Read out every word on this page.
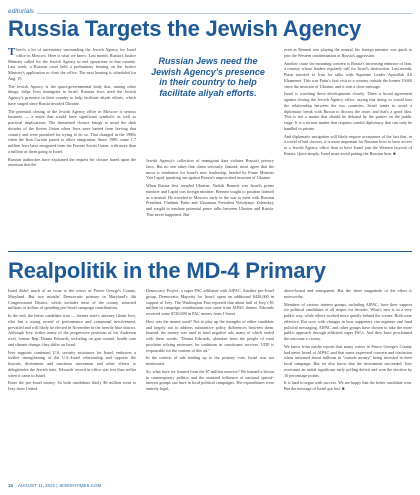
editorials
Russia Targets the Jewish Agency

There's a lot of uncertainty surrounding the Jewish Agency for Israel office in Moscow. Here is what we know: Last month, Russia's Justice Ministry called for the Jewish Agency to end operations in that country. Last week, a Russian court held a preliminary hearing on the Justice Ministry's application to close the office. The next hearing is scheduled for Aug. 19.

The Jewish Agency is the quasi-governmental body that, among other things, helps Jews immigrate to Israel. Russian Jews need the Jewish Agency's presence in their country to help facilitate aliyah efforts, which have surged since Russia invaded Ukraine.

The potential closing of the Jewish Agency office in Moscow is serious business — a move that would have significant symbolic as well as practical implications. The threatened closure brings to mind the dark decades of the Soviet Union when Jews were barred from leaving that country and were punished for trying to do so. That changed in the 1980s when the Iron Curtain parted to allow emigration. Since 1989, some 1.7 million Jews have emigrated from the Former Soviet Union, with more than a million of them going to Israel.

Russian authorities have explained the request for closure based upon the assertion that the

Russian Jews need the Jewish Agency's presence in their country to help facilitate aliyah efforts.

Jewish Agency's collection of immigrant data violates Russia's privacy laws. But no one takes that claim seriously. Instead, most agree that the move is retaliation for Israel's new leadership, headed by Prime Minister Yair Lapid, speaking out against Russia's unprovoked invasion of Ukraine.

When Russia first invaded Ukraine, Naftali Bennett was Israel's prime minister and Lapid was foreign minister. Bennett sought to position himself as a neutral. He traveled to Moscow early in the war to meet with Russian President Vladimir Putin and Ukrainian President Volodymyr Zelenskyy and sought to mediate potential peace talks between Ukraine and Russia. That never happened. But

even as Bennett was playing the neutral, his foreign minister was quick to join the Western condemnation of Russia's aggression.

Another cause for mounting concern is Russia's increasing embrace of Iran, a country whose leaders regularly call for Israel's destruction. Last month, Putin traveled to Iran for talks with Supreme Leader Ayatollah Ali Khamenei. This was Putin's first visit to a country outside the former USSR since the invasion of Ukraine, and it sent a clear message.

Israel is watching these developments closely. There is broad agreement against closing the Jewish Agency office, saying that doing so would hurt the relationship between the two countries. Israel wants to avoid a diplomatic break with Russia to discuss the issue, and that's a good idea. This is not a matter that should be debated by the parties on the public stage. It is a serious matter that requires careful diplomacy that can only be handled in private.

And diplomatic navigation will likely require acceptance of the fact that, in a world of bad choices, it is more important for Russian Jews to have access to a Jewish Agency office than to have Israel join the Western boycott of Russia. Quite simply, Israel must avoid poking the Russian bear. ■

Realpolitik in the MD-4 Primary

Israel didn't much of an issue to the voters of Prince George's County, Maryland. But two months' Democratic primary in Maryland's 4th Congressional District, which includes most of the county, attracted millions of dollars of spending pro-Israel campaign contributions.

In the end, the better candidate won — former state's attorney Glenn Ivey, who has a strong record of performance and communal involvement, prevailed and will likely be elected in November in the heavily blue district. Although Ivey strikes many of the progressive positions of his Anderson rival, former Rep. Donna Edwards, including on gun control, health care and climate change, they differ on Israel.

Ivey supports continued U.S. security assistance for Israel, embraces a further strengthening of the U.S.-Israel relationship and opposes the boycott, divestment and sanctions movement and other efforts to delegitimize the Jewish state. Edwards' record in office was less than stellar when it came to Israel.

Enter the pro-Israel money. So both candidates likely $6 million went to Ivey from United

Democracy Project, a super PAC affiliated with AIPAC. Another pro-Israel group, Democratic Majority for Israel, spent an additional $420,000 in support of Ivey. The Washington Post reported that about half of Ivey's $1 million in campaign contributions was came from AIPAC donors. Edwards received some $720,000 in PAC money from J Street.

How was the money used? Not to play up the strengths of either candidate and largely not to address substantive policy differences between them. Instead, the money was used to fund negative ads, many of which ended with these words: "Donna Edwards, absentee from the people of rural proclaim solving measures for traditions in constituent services. UDP is responsible for the content of this ad."

In the context of ads leading up to the primary vote, Israel was not mentioned.

So, what have we learned from the $7 million exercise? We learned a lesson in contemporary politics and the outsized influence of national special-interest groups can have in local political campaigns. The expenditures were entirely legal,

above-board and transparent. But the sheer magnitude of the effort is noteworthy.

Members of various interest groups, including AIPAC, have their support for political candidates of all stripes for decades. What's new is in a very public way, while others worked more quietly behind the scenes. Both were effective. But now, with changes in how supporters can organize and fund political messaging, AIPAC and other groups have chosen to take the more public approach through affiliated super PACs. And they have proclaimed the outcome a victory.

We know from media reports that many voters in Prince George's County had never heard of AIPAC and that some expressed concern and confusion when informed about millions in "outside money" being invested in their local campaign. But we also know that the investment succeeded. Ivey overcame an initial significant early polling deficit and won the election by 16 percentage points.

It is hard to argue with success. We are happy that the better candidate won. But the message of Israel got lost. ■

16 AUGUST 11, 2022 | JEWISHTIMES.COM
